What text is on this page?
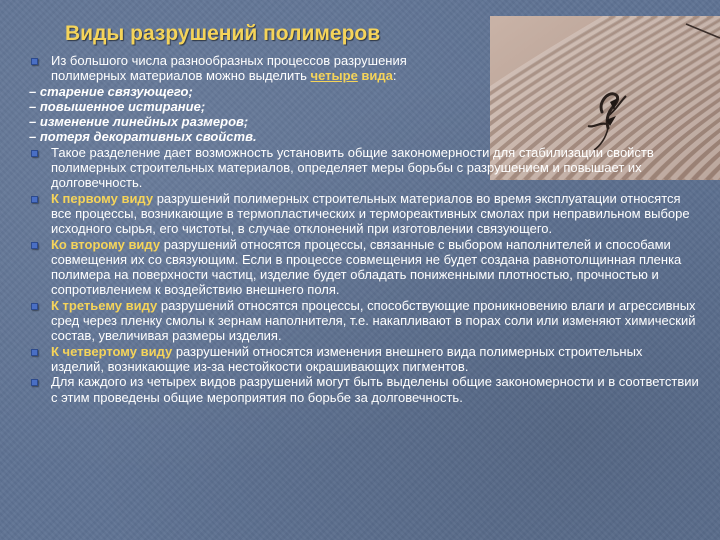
Виды разрушений полимеров
Из большого числа разнообразных процессов разрушения
полимерных материалов можно выделить четыре вида:
– старение связующего;
– повышенное истирание;
– изменение линейных размеров;
– потеря декоративных свойств.
Такое разделение дает возможность установить общие закономерности для стабилизации свойств полимерных строительных материалов, определяет меры борьбы с разрушением и повышает их долговечность.
К первому виду разрушений полимерных строительных материалов во время эксплуатации относятся все процессы, возникающие в термопластических и термореактивных смолах при неправильном выборе исходного сырья, его чистоты, в случае отклонений при изготовлении связующего.
Ко второму виду разрушений относятся процессы, связанные с выбором наполнителей и способами совмещения их со связующим. Если в процессе совмещения не будет создана равнотолщинная пленка полимера на поверхности частиц, изделие будет обладать пониженными плотностью, прочностью и сопротивлением к воздействию внешнего поля.
К третьему виду разрушений относятся процессы, способствующие проникновению влаги и агрессивных сред через пленку смолы к зернам наполнителя, т.е. накапливают в порах соли или изменяют химический состав, увеличивая размеры изделия.
К четвертому виду разрушений относятся изменения внешнего вида полимерных строительных изделий, возникающие из-за нестойкости окрашивающих пигментов.
Для каждого из четырех видов разрушений могут быть выделены общие закономерности и в соответствии с этим проведены общие мероприятия по борьбе за долговечность.
